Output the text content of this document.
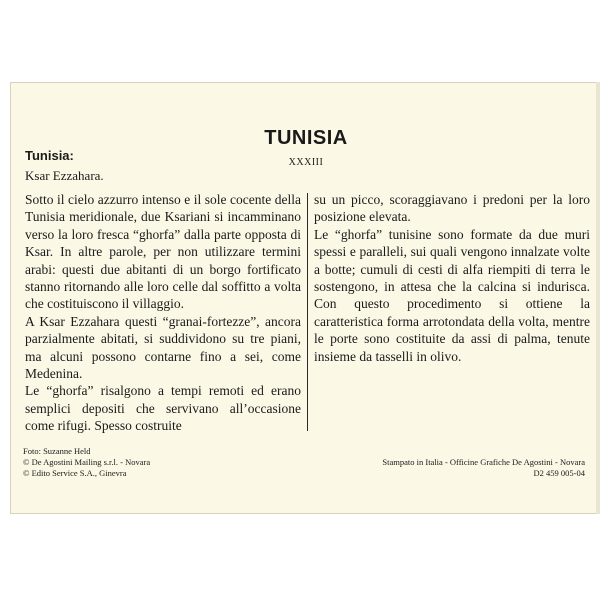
TUNISIA
XXXIII
Tunisia:
Ksar Ezzahara.

Sotto il cielo azzurro intenso e il sole cocente della Tunisia meridionale, due Ksariani si incamminano verso la loro fresca “ghorfa” dalla parte opposta di Ksar. In altre parole, per non utilizzare termini arabi: questi due abitanti di un borgo fortificato stanno ritornando alle loro celle dal soffitto a volta che costituiscono il villaggio.

A Ksar Ezzahara questi “granai-fortezze”, ancora parzialmente abitati, si suddividono su tre piani, ma alcuni possono contarne fino a sei, come Medenina.

Le “ghorfa” risalgono a tempi remoti ed erano semplici depositi che servivano all’occasione come rifugi. Spesso costruite

su un picco, scoraggiavano i predoni per la loro posizione elevata.

Le “ghorfa” tunisine sono formate da due muri spessi e paralleli, sui quali vengono innalzate volte a botte; cumuli di cesti di alfa riempiti di terra le sostengono, in attesa che la calcina si indurisca. Con questo procedimento si ottiene la caratteristica forma arrotondata della volta, mentre le porte sono costituite da assi di palma, tenute insieme da tasselli in olivo.

Foto: Suzanne Held
© De Agostini Mailing s.r.l. - Novara
© Edito Service S.A., Ginevra
Stampato in Italia - Officine Grafiche De Agostini - Novara
D2 459 005-04
